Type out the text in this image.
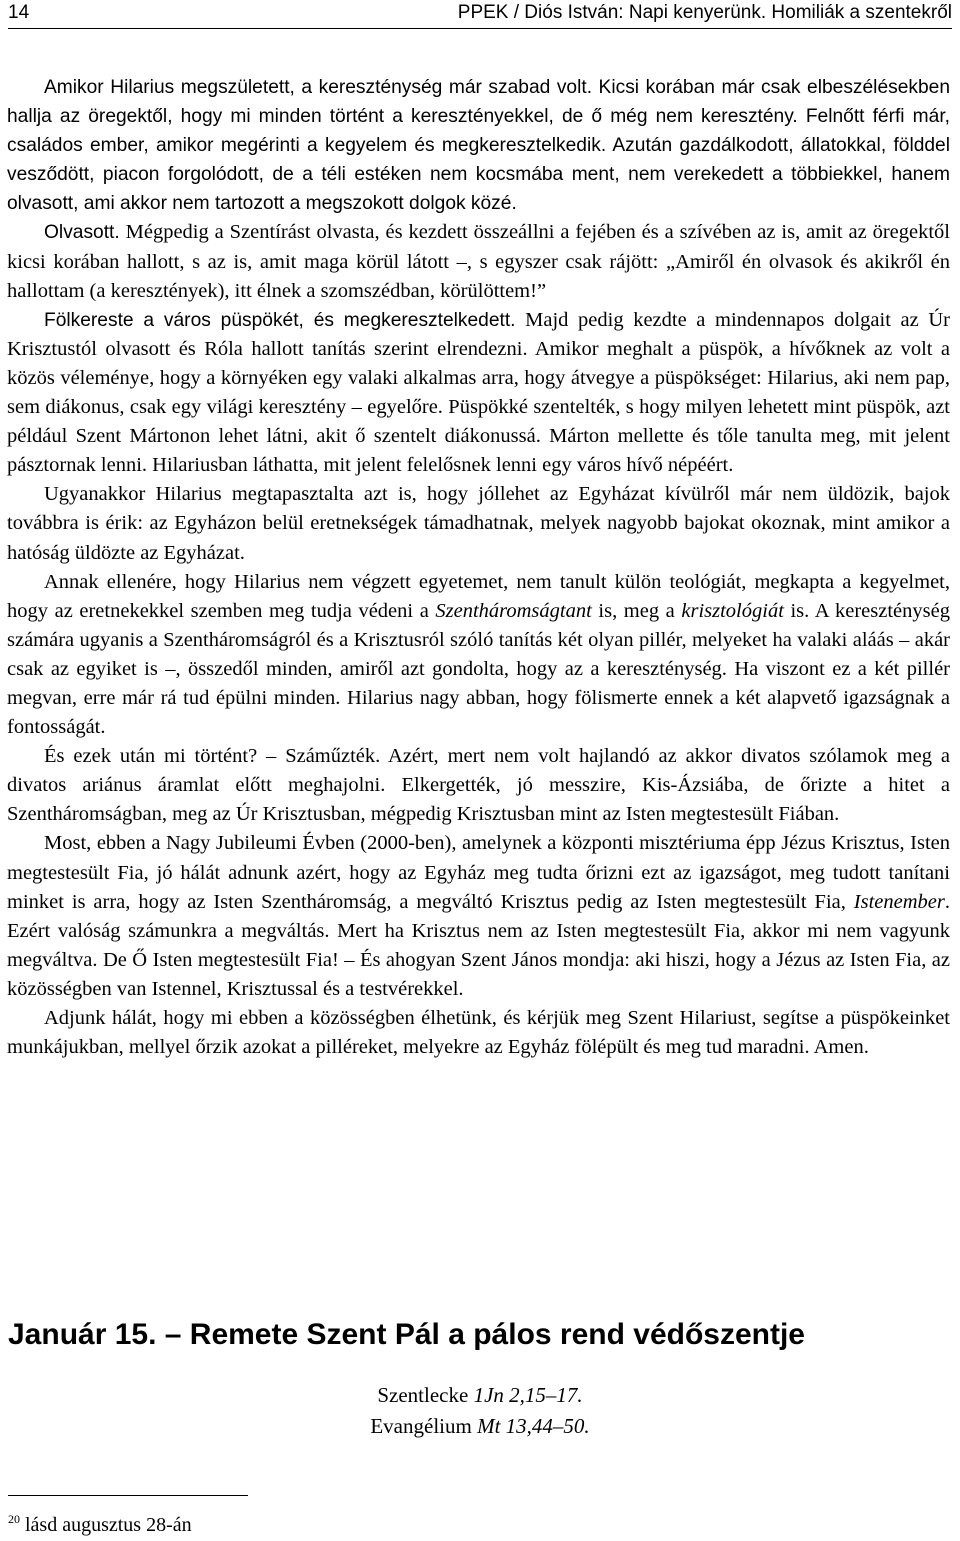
14	PPEK / Diós István: Napi kenyerünk. Homiliák a szentekről

Amikor Hilarius megszületett, a kereszténység már szabad volt. Kicsi korában már csak elbeszélésekben hallja az öregektől, hogy mi minden történt a keresztényekkel, de ő még nem keresztény. Felnőtt férfi már, családos ember, amikor megérinti a kegyelem és megkeresztelkedik. Azután gazdálkodott, állatokkal, földdel vesződött, piacon forgolódott, de a téli estéken nem kocsmába ment, nem verekedett a többiekkel, hanem olvasott, ami akkor nem tartozott a megszokott dolgok közé.

Olvasott. Mégpedig a Szentírást olvasta, és kezdett összeállni a fejében és a szívében az is, amit az öregektől kicsi korában hallott, s az is, amit maga körül látott –, s egyszer csak rájött: „Amiről én olvasok és akikről én hallottam (a keresztények), itt élnek a szomszédban, körülöttem!”

Fölkereste a város püspökét, és megkeresztelkedett. Majd pedig kezdte a mindennapos dolgait az Úr Krisztustól olvasott és Róla hallott tanítás szerint elrendezni. Amikor meghalt a püspök, a hívőknek az volt a közös véleménye, hogy a környéken egy valaki alkalmas arra, hogy átvegye a püspökséget: Hilarius, aki nem pap, sem diákonus, csak egy világi keresztény – egyelőre. Püspökké szentelték, s hogy milyen lehetett mint püspök, azt például Szent Mártonon lehet látni, akit ő szentelt diákonussá. Márton mellette és tőle tanulta meg, mit jelent pásztornak lenni. Hilariusban láthatta, mit jelent felelősnek lenni egy város hívő népéért.

Ugyanakkor Hilarius megtapasztalta azt is, hogy jóllehet az Egyházat kívülről már nem üldözik, bajok továbbra is érik: az Egyházon belül eretnekségek támadhatnak, melyek nagyobb bajokat okoznak, mint amikor a hatóság üldözte az Egyházat.

Annak ellenére, hogy Hilarius nem végzett egyetemet, nem tanult külön teológiát, megkapta a kegyelmet, hogy az eretnekekkel szemben meg tudja védeni a Szentháromságtant is, meg a krisztológiát is. A kereszténység számára ugyanis a Szentháromságról és a Krisztusról szóló tanítás két olyan pillér, melyeket ha valaki aláás – akár csak az egyiket is –, összedől minden, amiről azt gondolta, hogy az a kereszténység. Ha viszont ez a két pillér megvan, erre már rá tud épülni minden. Hilarius nagy abban, hogy fölismerte ennek a két alapvető igazságnak a fontosságát.

És ezek után mi történt? – Száműzték. Azért, mert nem volt hajlandó az akkor divatos szólamok meg a divatos ariánus áramlat előtt meghajolni. Elkergették, jó messzire, Kis-Ázsiába, de őrizte a hitet a Szentháromságban, meg az Úr Krisztusban, mégpedig Krisztusban mint az Isten megtestesült Fiában.

Most, ebben a Nagy Jubileumi Évben (2000-ben), amelynek a központi misztériuma épp Jézus Krisztus, Isten megtestesült Fia, jó hálát adnunk azért, hogy az Egyház meg tudta őrizni ezt az igazságot, meg tudott tanítani minket is arra, hogy az Isten Szentháromság, a megváltó Krisztus pedig az Isten megtestesült Fia, Istenember. Ezért valóság számunkra a megváltás. Mert ha Krisztus nem az Isten megtestesült Fia, akkor mi nem vagyunk megváltva. De Ő Isten megtestesült Fia! – És ahogyan Szent János mondja: aki hiszi, hogy a Jézus az Isten Fia, az közösségben van Istennel, Krisztussal és a testvérekkel.

Adjunk hálát, hogy mi ebben a közösségben élhetünk, és kérjük meg Szent Hilariust, segítse a püspökeinket munkájukban, mellyel őrzik azokat a pilléreket, melyekre az Egyház fölépült és meg tud maradni. Amen.

Január 15. – Remete Szent Pál a pálos rend védőszentje
Szentlecke 1Jn 2,15–17.
Evangélium Mt 13,44–50.
$^{20}$ lásd augusztus 28-án
